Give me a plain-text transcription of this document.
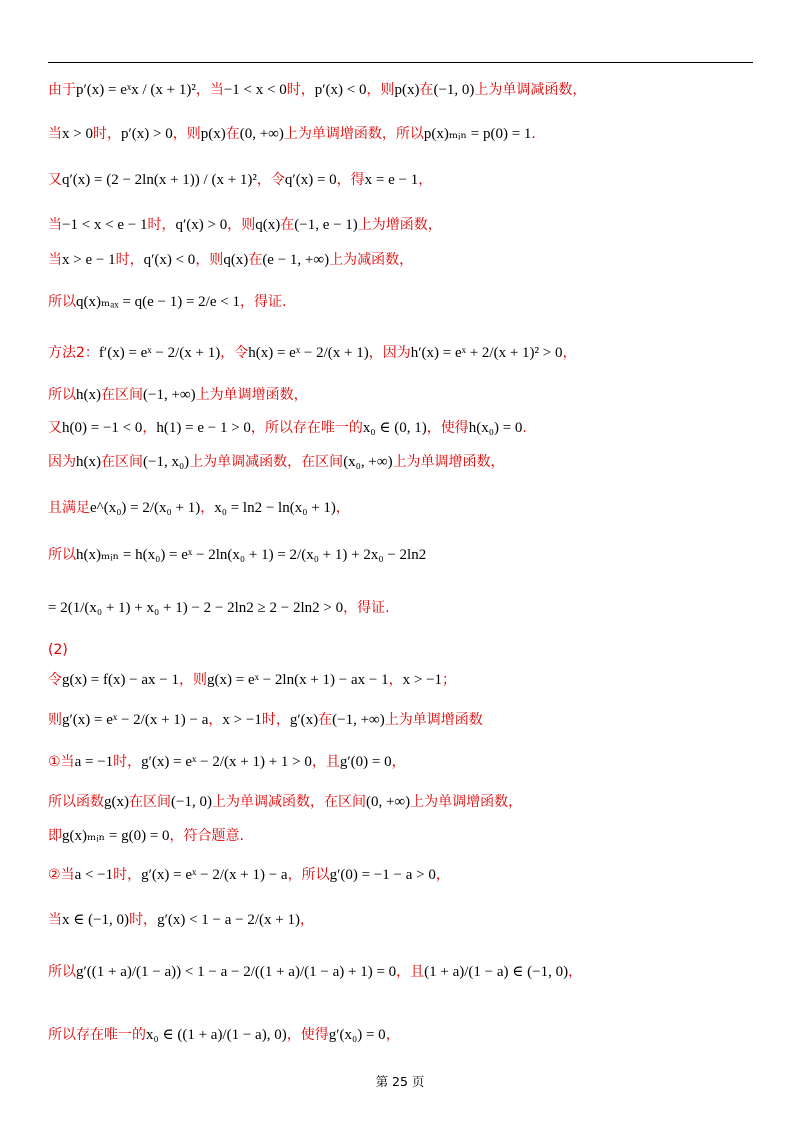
由于p′(x) = eˣx / (x + 1)²，当−1 < x < 0时，p′(x) < 0，则p(x)在(−1, 0)上为单调减函数，
当x > 0时，p′(x) > 0，则p(x)在(0, +∞)上为单调增函数，所以p(x)ₘᵢₙ = p(0) = 1.
又q′(x) = (2 − 2ln(x + 1)) / (x + 1)²，令q′(x) = 0，得x = e − 1，
当−1 < x < e − 1时，q′(x) > 0，则q(x)在(−1, e − 1)上为增函数，
当x > e − 1时，q′(x) < 0，则q(x)在(e − 1, +∞)上为减函数，
所以q(x)ₘₐₓ = q(e − 1) = 2/e < 1，得证.
方法2：f′(x) = eˣ − 2/(x + 1)，令h(x) = eˣ − 2/(x + 1)，因为h′(x) = eˣ + 2/(x + 1)² > 0，
所以h(x)在区间(−1, +∞)上为单调增函数，
又h(0) = −1 < 0，h(1) = e − 1 > 0，所以存在唯一的x₀ ∈ (0, 1)，使得h(x₀) = 0.
因为h(x)在区间(−1, x₀)上为单调减函数，在区间(x₀, +∞)上为单调增函数，
且满足e^(x₀) = 2/(x₀ + 1)，x₀ = ln2 − ln(x₀ + 1)，
所以h(x)ₘᵢₙ = h(x₀) = eˣ − 2ln(x₀ + 1) = 2/(x₀ + 1) + 2x₀ − 2ln2
= 2(1/(x₀ + 1) + x₀ + 1) − 2 − 2ln2 ≥ 2 − 2ln2 > 0，得证.
(2)
令g(x) = f(x) − ax − 1，则g(x) = eˣ − 2ln(x + 1) − ax − 1，x > −1；
则g′(x) = eˣ − 2/(x + 1) − a，x > −1时，g′(x)在(−1, +∞)上为单调增函数
①当a = −1时，g′(x) = eˣ − 2/(x + 1) + 1 > 0，且g′(0) = 0，
所以函数g(x)在区间(−1, 0)上为单调减函数，在区间(0, +∞)上为单调增函数，
即g(x)ₘᵢₙ = g(0) = 0，符合题意.
②当a < −1时，g′(x) = eˣ − 2/(x + 1) − a，所以g′(0) = −1 − a > 0，
当x ∈ (−1, 0)时，g′(x) < 1 − a − 2/(x + 1)，
所以g′((1 + a)/(1 − a)) < 1 − a − 2/((1 + a)/(1 − a) + 1) = 0，且(1 + a)/(1 − a) ∈ (−1, 0)，
所以存在唯一的x₀ ∈ ((1 + a)/(1 − a), 0)，使得g′(x₀) = 0，
第 25 页
